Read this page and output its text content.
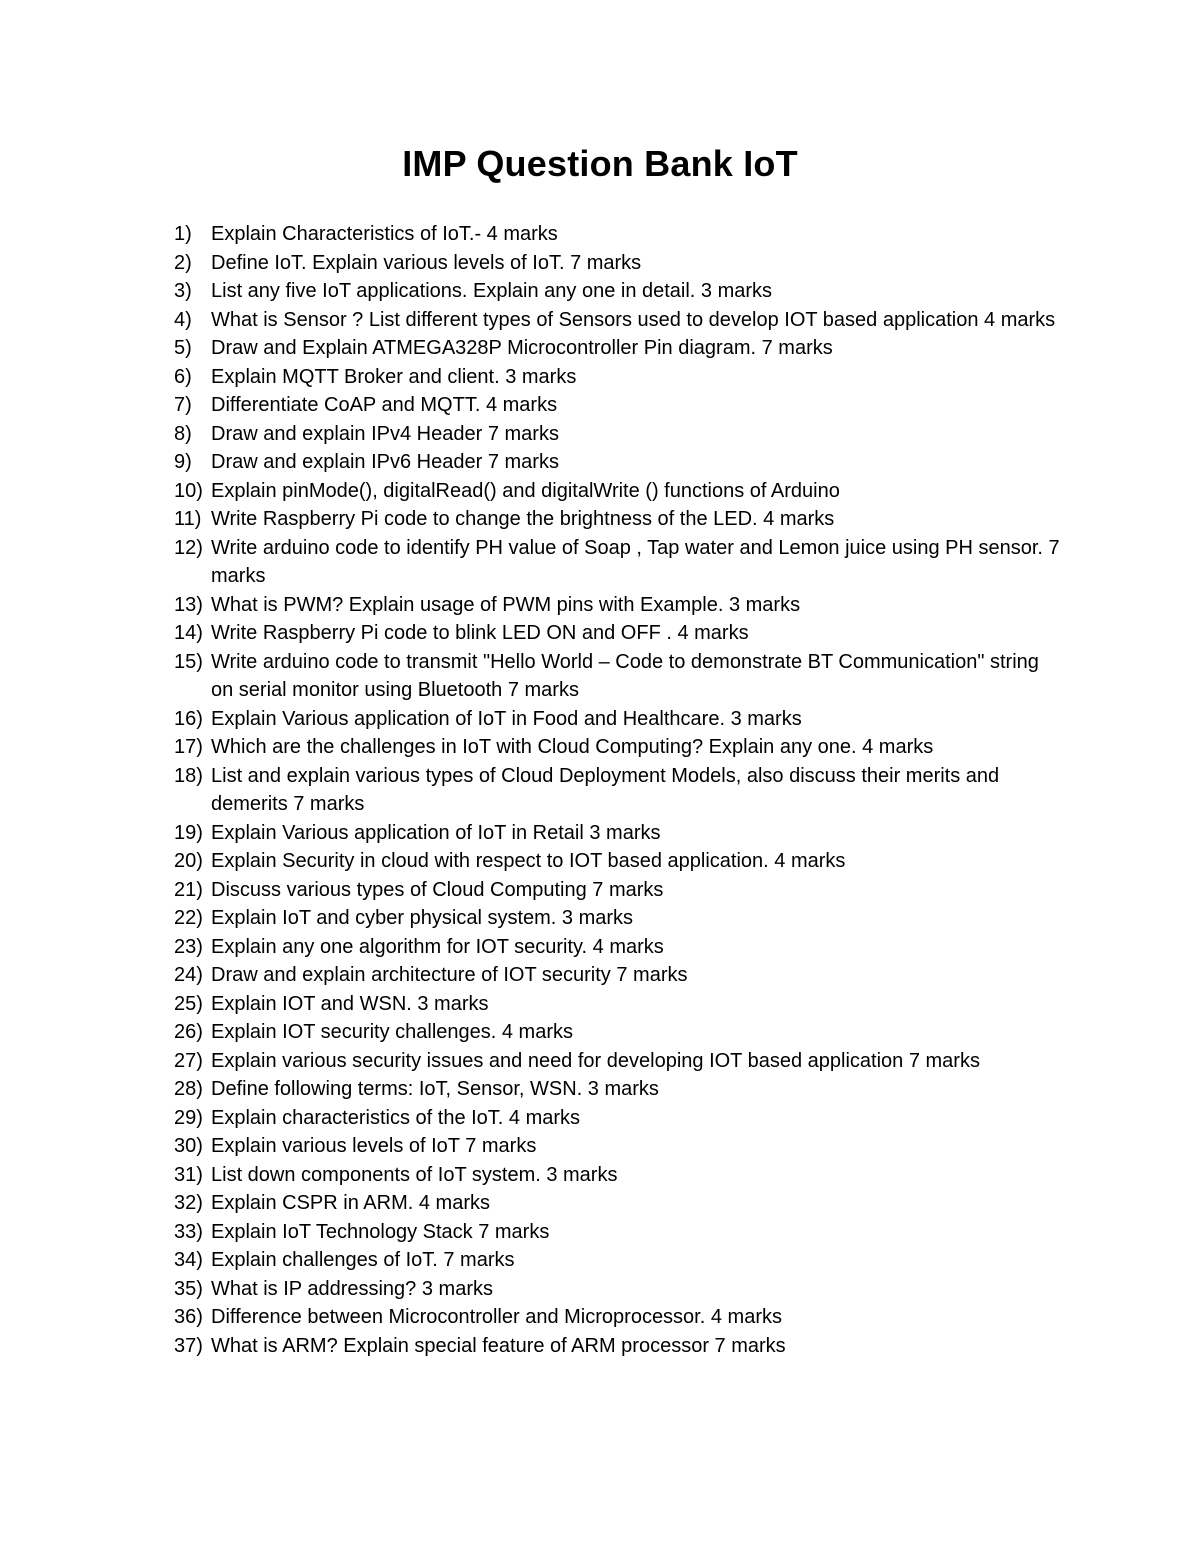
IMP Question Bank IoT
1) Explain Characteristics of IoT.- 4 marks
2) Define IoT. Explain various levels of IoT. 7 marks
3) List any five IoT applications. Explain any one in detail. 3 marks
4) What is Sensor ? List different types of Sensors used to develop IOT based application 4 marks
5) Draw and Explain ATMEGA328P Microcontroller Pin diagram. 7 marks
6) Explain MQTT Broker and client. 3 marks
7) Differentiate CoAP and MQTT. 4 marks
8) Draw and explain IPv4 Header 7 marks
9) Draw and explain IPv6 Header 7 marks
10) Explain pinMode(), digitalRead() and digitalWrite () functions of Arduino
11) Write Raspberry Pi code to change the brightness of the LED. 4 marks
12) Write arduino code to identify PH value of Soap , Tap water and Lemon juice using PH sensor. 7 marks
13) What is PWM? Explain usage of PWM pins with Example. 3 marks
14) Write Raspberry Pi code to blink LED ON and OFF . 4 marks
15) Write arduino code to transmit "Hello World – Code to demonstrate BT Communication" string on serial monitor using Bluetooth 7 marks
16) Explain Various application of IoT in Food and Healthcare. 3 marks
17) Which are the challenges in IoT with Cloud Computing? Explain any one. 4 marks
18) List and explain various types of Cloud Deployment Models, also discuss their merits and demerits 7 marks
19) Explain Various application of IoT in Retail 3 marks
20) Explain Security in cloud with respect to IOT based application. 4 marks
21) Discuss various types of Cloud Computing 7 marks
22) Explain IoT and cyber physical system. 3 marks
23) Explain any one algorithm for IOT security. 4 marks
24) Draw and explain architecture of IOT security 7 marks
25) Explain IOT and WSN. 3 marks
26) Explain IOT security challenges. 4 marks
27) Explain various security issues and need for developing IOT based application 7 marks
28) Define following terms: IoT, Sensor, WSN. 3 marks
29) Explain characteristics of the IoT. 4 marks
30) Explain various levels of IoT 7 marks
31) List down components of IoT system. 3 marks
32) Explain CSPR in ARM. 4 marks
33) Explain IoT Technology Stack 7 marks
34) Explain challenges of IoT. 7 marks
35) What is IP addressing? 3 marks
36) Difference between Microcontroller and Microprocessor. 4 marks
37) What is ARM? Explain special feature of ARM processor 7 marks
